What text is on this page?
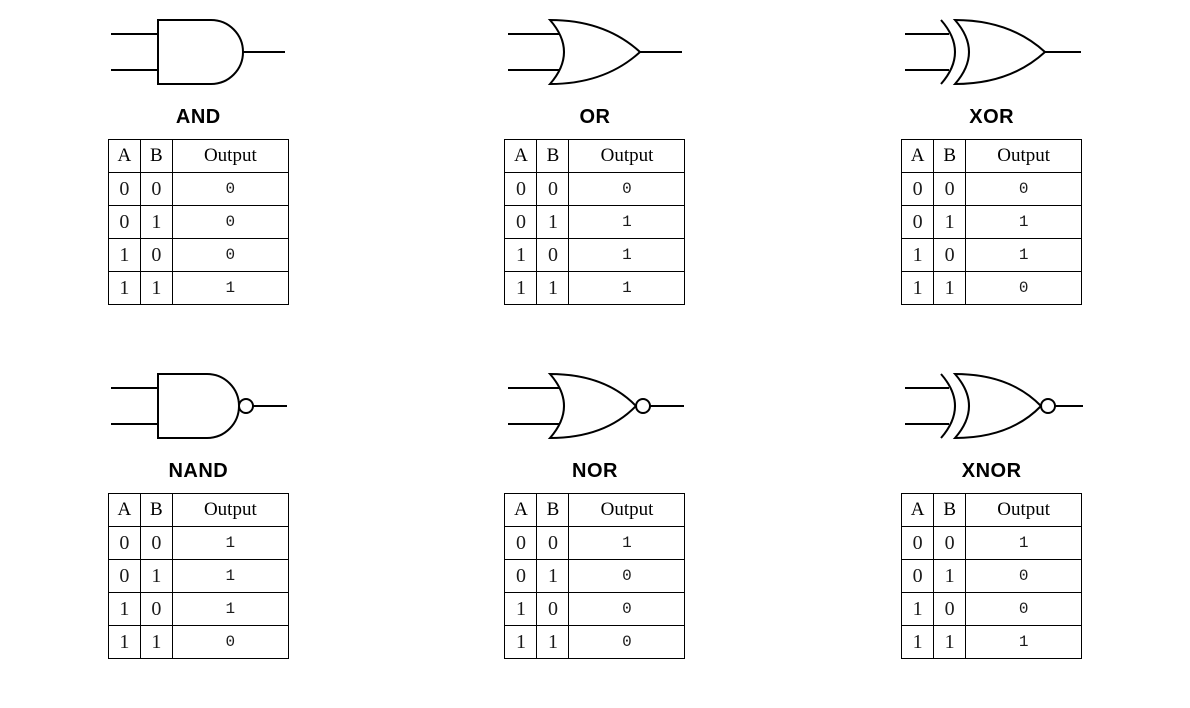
AND
A	B	Output
0	0	0
0	1	0
1	0	0
1	1	1
OR
A	B	Output
0	0	0
0	1	1
1	0	1
1	1	1
XOR
A	B	Output
0	0	0
0	1	1
1	0	1
1	1	0
NAND
A	B	Output
0	0	1
0	1	1
1	0	1
1	1	0
NOR
A	B	Output
0	0	1
0	1	0
1	0	0
1	1	0
XNOR
A	B	Output
0	0	1
0	1	0
1	0	0
1	1	1
